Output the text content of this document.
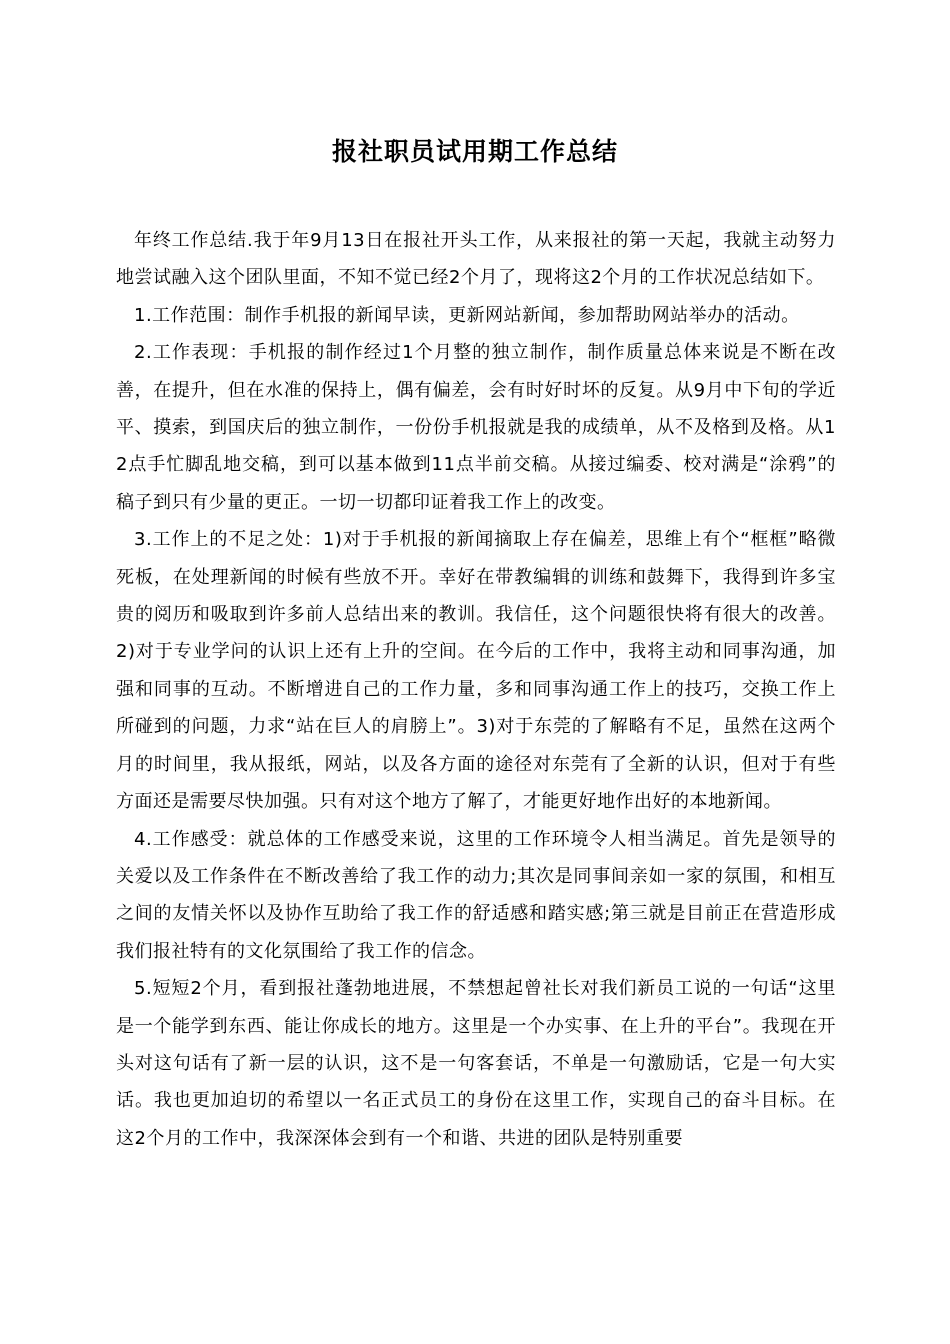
报社职员试用期工作总结

年终工作总结.我于年9月13日在报社开头工作，从来报社的第一天起，我就主动努力地尝试融入这个团队里面，不知不觉已经2个月了，现将这2个月的工作状况总结如下。

1.工作范围：制作手机报的新闻早读，更新网站新闻，参加帮助网站举办的活动。

2.工作表现：手机报的制作经过1个月整的独立制作，制作质量总体来说是不断在改善，在提升，但在水准的保持上，偶有偏差，会有时好时坏的反复。从9月中下旬的学近平、摸索，到国庆后的独立制作，一份份手机报就是我的成绩单，从不及格到及格。从12点手忙脚乱地交稿，到可以基本做到11点半前交稿。从接过编委、校对满是“涂鸦”的稿子到只有少量的更正。一切一切都印证着我工作上的改变。

3.工作上的不足之处：1)对于手机报的新闻摘取上存在偏差，思维上有个“框框”略微死板，在处理新闻的时候有些放不开。幸好在带教编辑的训练和鼓舞下，我得到许多宝贵的阅历和吸取到许多前人总结出来的教训。我信任，这个问题很快将有很大的改善。2)对于专业学问的认识上还有上升的空间。在今后的工作中，我将主动和同事沟通，加强和同事的互动。不断增进自己的工作力量，多和同事沟通工作上的技巧，交换工作上所碰到的问题，力求“站在巨人的肩膀上”。3)对于东莞的了解略有不足，虽然在这两个月的时间里，我从报纸，网站，以及各方面的途径对东莞有了全新的认识，但对于有些方面还是需要尽快加强。只有对这个地方了解了，才能更好地作出好的本地新闻。

4.工作感受：就总体的工作感受来说，这里的工作环境令人相当满足。首先是领导的关爱以及工作条件在不断改善给了我工作的动力;其次是同事间亲如一家的氛围，和相互之间的友情关怀以及协作互助给了我工作的舒适感和踏实感;第三就是目前正在营造形成我们报社特有的文化氛围给了我工作的信念。

5.短短2个月，看到报社蓬勃地进展，不禁想起曾社长对我们新员工说的一句话“这里是一个能学到东西、能让你成长的地方。这里是一个办实事、在上升的平台”。我现在开头对这句话有了新一层的认识，这不是一句客套话，不单是一句激励话，它是一句大实话。我也更加迫切的希望以一名正式员工的身份在这里工作，实现自己的奋斗目标。在这2个月的工作中，我深深体会到有一个和谐、共进的团队是特别重要
